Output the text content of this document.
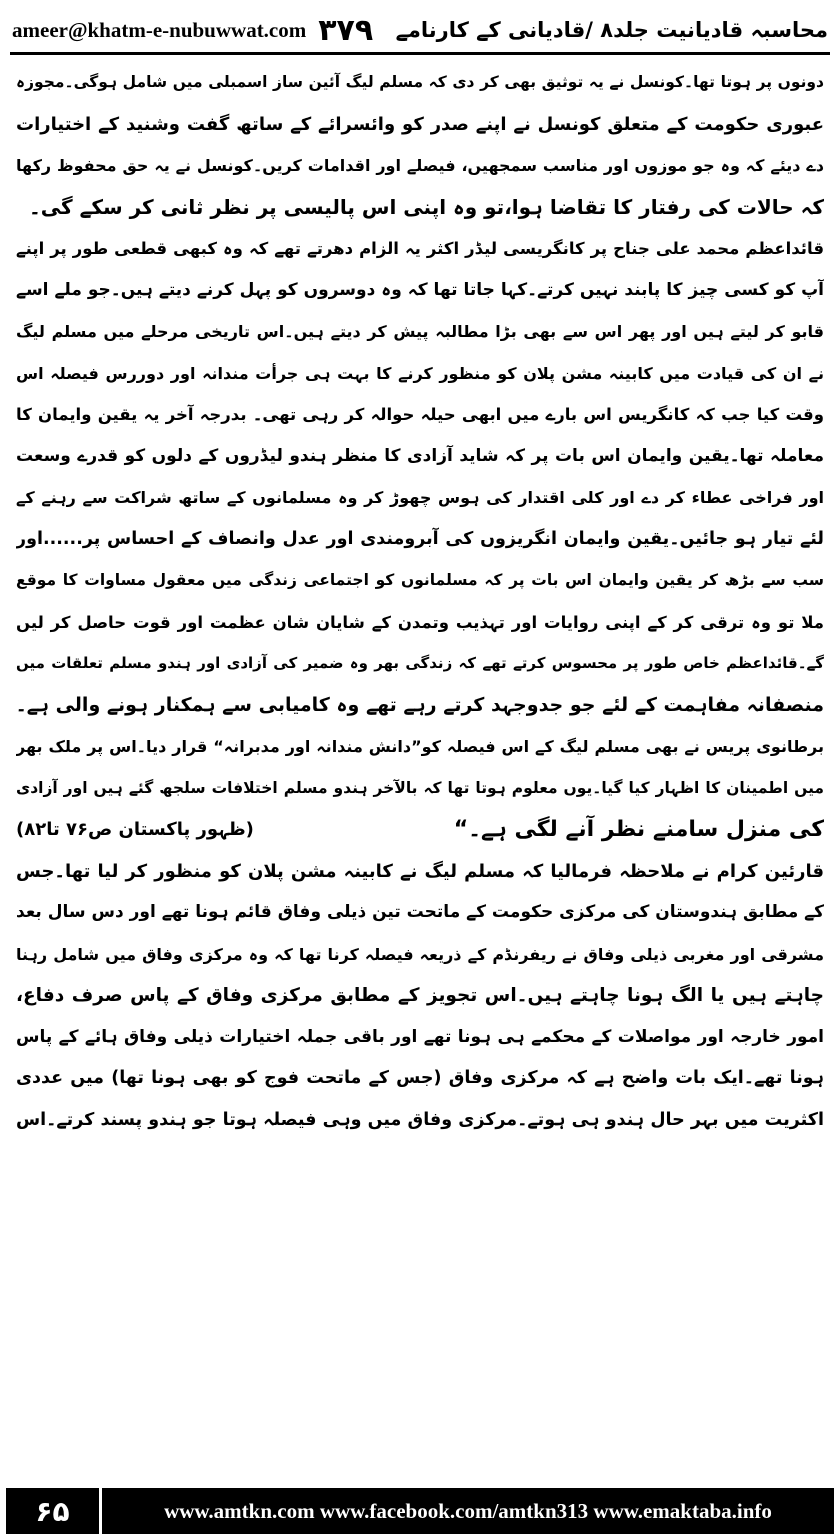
ameer@khatm-e-nubuwwat.com ۳۷۹ محاسبہ قادیانیت جلد۸ /قادیانی کے کارنامے
دونوں پر ہوتا تھا۔کونسل نے یہ توثیق بھی کر دی کہ مسلم لیگ آئین ساز اسمبلی میں شامل ہوگی۔مجوزہ
عبوری حکومت کے متعلق کونسل نے اپنے صدر کو وائسرائے کے ساتھ گفت وشنید کے اختیارات
دے دیئے کہ وہ جو موزوں اور مناسب سمجھیں، فیصلے اور اقدامات کریں۔کونسل نے یہ حق محفوظ رکھا
کہ حالات کی رفتار کا تقاضا ہوا،تو وہ اپنی اس پالیسی پر نظر ثانی کر سکے گی۔
قائداعظم محمد علی جناح پر کانگریسی لیڈر اکثر یہ الزام دھرتے تھے کہ وہ کبھی قطعی طور پر اپنے
آپ کو کسی چیز کا پابند نہیں کرتے۔کہا جاتا تھا کہ وہ دوسروں کو پہل کرنے دیتے ہیں۔جو ملے اسے
قابو کر لیتے ہیں اور پھر اس سے بھی بڑا مطالبہ پیش کر دیتے ہیں۔اس تاریخی مرحلے میں مسلم لیگ
نے ان کی قیادت میں کابینہ مشن پلان کو منظور کرنے کا بہت ہی جرأت مندانہ اور دوررس فیصلہ اس
وقت کیا جب کہ کانگریس اس بارے میں ابھی حیلہ حوالہ کر رہی تھی۔ بدرجہ آخر یہ یقین وایمان کا
معاملہ تھا۔یقین وایمان اس بات پر کہ شاید آزادی کا منظر ہندو لیڈروں کے دلوں کو قدرے وسعت
اور فراخی عطاء کر دے اور کلی اقتدار کی ہوس چھوڑ کر وہ مسلمانوں کے ساتھ شراکت سے رہنے کے
لئے تیار ہو جائیں۔یقین وایمان انگریزوں کی آبرومندی اور عدل وانصاف کے احساس پر......اور
سب سے بڑھ کر یقین وایمان اس بات پر کہ مسلمانوں کو اجتماعی زندگی میں معقول مساوات کا موقع
ملا تو وہ ترقی کر کے اپنی روایات اور تہذیب وتمدن کے شایان شان عظمت اور قوت حاصل کر لیں
گے۔قائداعظم خاص طور پر محسوس کرتے تھے کہ زندگی بھر وہ ضمیر کی آزادی اور ہندو مسلم تعلقات میں
منصفانہ مفاہمت کے لئے جو جدوجہد کرتے رہے تھے وہ کامیابی سے ہمکنار ہونے والی ہے۔
برطانوی پریس نے بھی مسلم لیگ کے اس فیصلہ کو”دانش مندانہ اور مدبرانہ“ قرار دیا۔اس پر ملک بھر
میں اطمینان کا اظہار کیا گیا۔یوں معلوم ہوتا تھا کہ بالآخر ہندو مسلم اختلافات سلجھ گئے ہیں اور آزادی
کی منزل سامنے نظر آنے لگی ہے۔“
(ظہور پاکستان ص۷۶ تا۸۲)
قارئین کرام نے ملاحظہ فرمالیا کہ مسلم لیگ نے کابینہ مشن پلان کو منظور کر لیا تھا۔جس
کے مطابق ہندوستان کی مرکزی حکومت کے ماتحت تین ذیلی وفاق قائم ہونا تھے اور دس سال بعد
مشرقی اور مغربی ذیلی وفاق نے ریفرنڈم کے ذریعہ فیصلہ کرنا تھا کہ وہ مرکزی وفاق میں شامل رہنا
چاہتے ہیں یا الگ ہونا چاہتے ہیں۔اس تجویز کے مطابق مرکزی وفاق کے پاس صرف دفاع،
امور خارجہ اور مواصلات کے محکمے ہی ہونا تھے اور باقی جملہ اختیارات ذیلی وفاق ہائے کے پاس
ہونا تھے۔ایک بات واضح ہے کہ مرکزی وفاق (جس کے ماتحت فوج کو بھی ہونا تھا) میں عددی
اکثریت میں بہر حال ہندو ہی ہوتے۔مرکزی وفاق میں وہی فیصلہ ہوتا جو ہندو پسند کرتے۔اس
۶۵	www.amtkn.com www.facebook.com/amtkn313 www.emaktaba.info
